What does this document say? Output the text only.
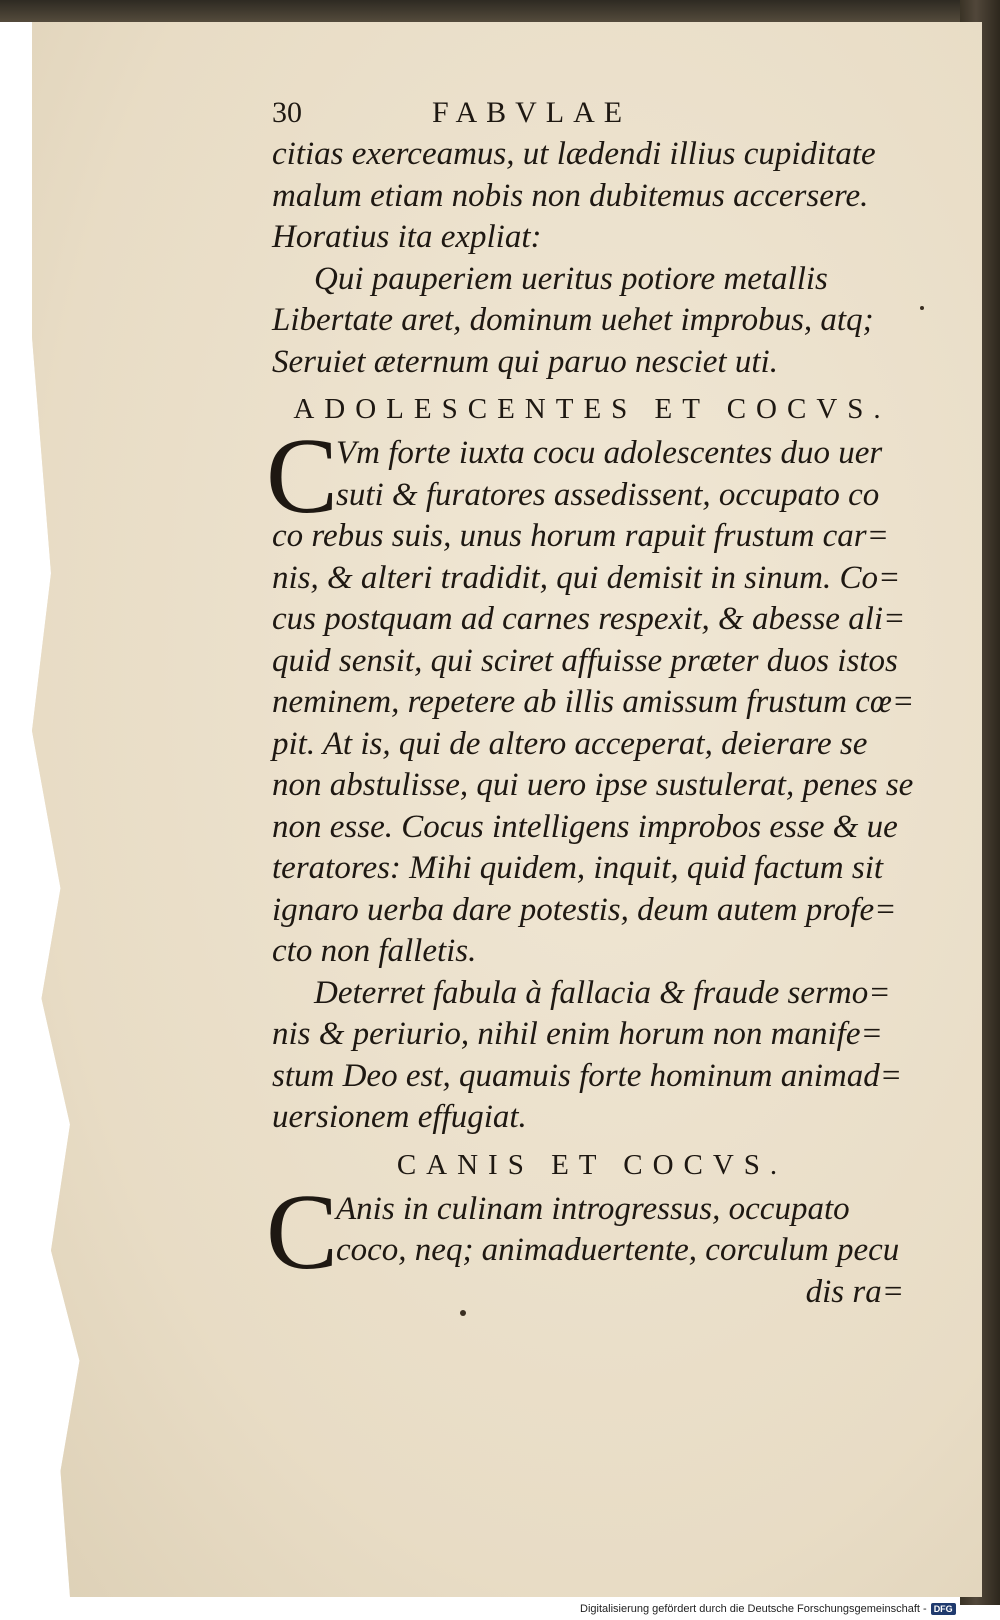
30	FABVLAE
citias exerceamus, ut lædendi illius cupiditate
malum etiam nobis non dubitemus accersere.
Horatius ita expliat:
Qui pauperiem ueritus potiore metallis
Libertate aret, dominum uehet improbus, atq;
Seruiet æternum qui paruo nesciet uti.
ADOLESCENTES ET COCVS.
C
Vm forte iuxta cocu adolescentes duo uer
suti & furatores assedissent, occupato co
co rebus suis, unus horum rapuit frustum car=
nis, & alteri tradidit, qui demisit in sinum. Co=
cus postquam ad carnes respexit, & abesse ali=
quid sensit, qui sciret affuisse præter duos istos
neminem, repetere ab illis amissum frustum cœ=
pit. At is, qui de altero acceperat, deierare se
non abstulisse, qui uero ipse sustulerat, penes se
non esse. Cocus intelligens improbos esse & ue
teratores: Mihi quidem, inquit, quid factum sit
ignaro uerba dare potestis, deum autem profe=
cto non falletis.
Deterret fabula à fallacia & fraude sermo=
nis & periurio, nihil enim horum non manife=
stum Deo est, quamuis forte hominum animad=
uersionem effugiat.
CANIS ET COCVS.
C
Anis in culinam introgressus, occupato
coco, neq; animaduertente, corculum pecu
dis ra=
Digitalisierung gefördert durch die Deutsche Forschungsgemeinschaft - DFG
